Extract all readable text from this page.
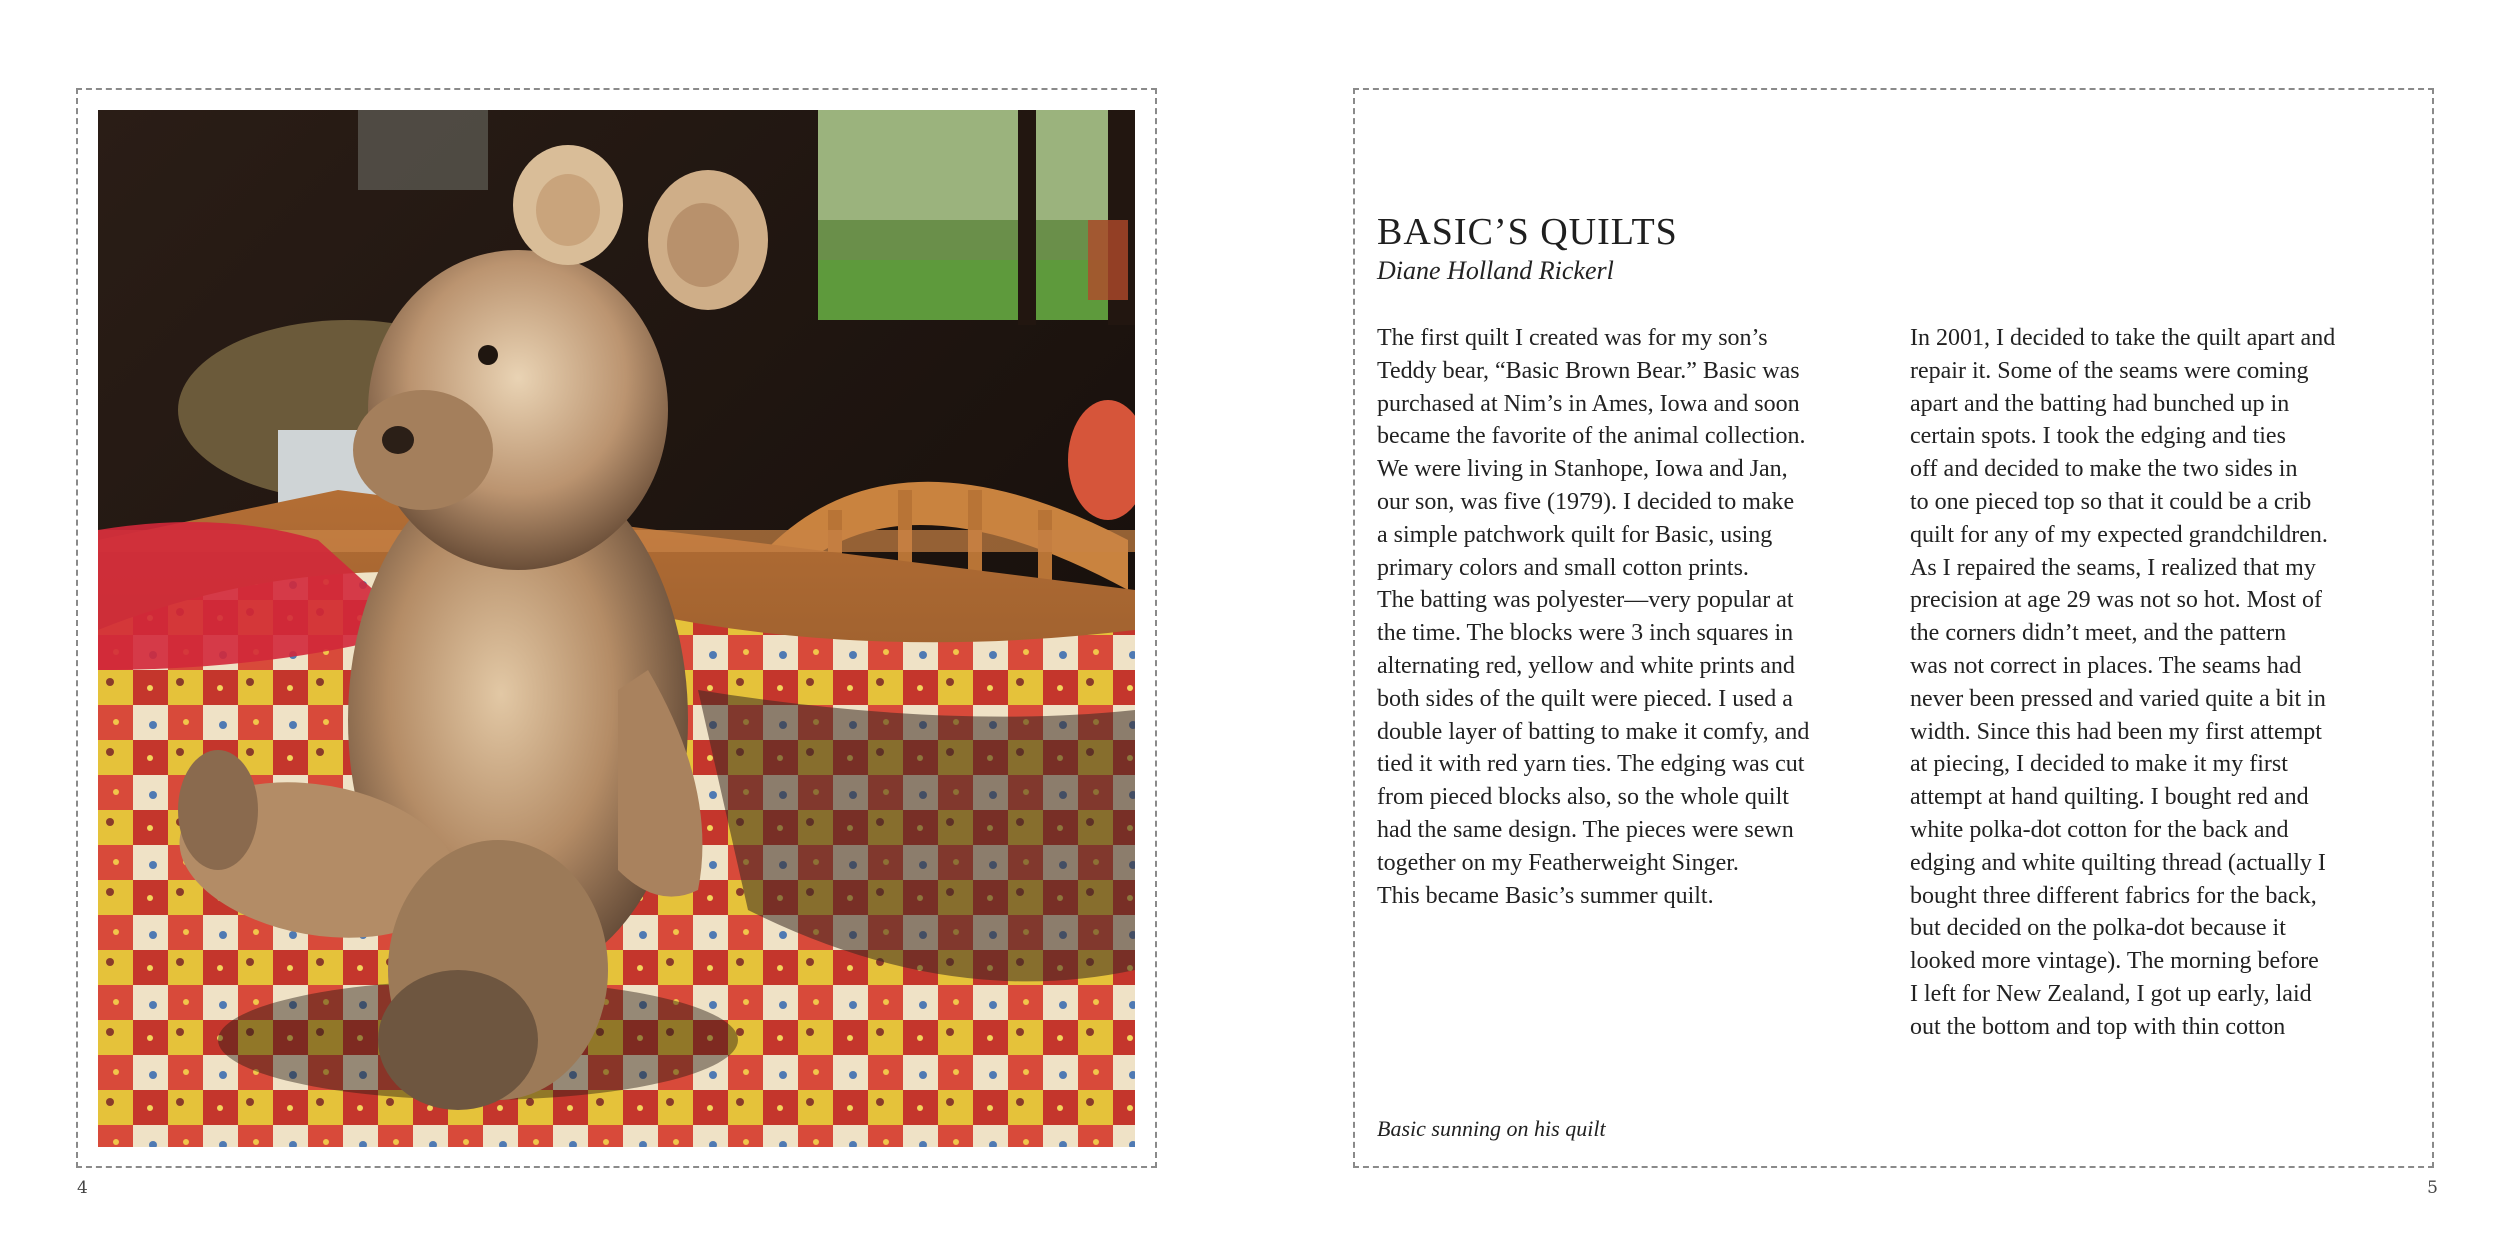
4
BASIC’S QUILTS
Diane Holland Rickerl
The first quilt I created was for my son’s
Teddy bear, “Basic Brown Bear.” Basic was
purchased at Nim’s in Ames, Iowa and soon
became the favorite of the animal collection.
We were living in Stanhope, Iowa and Jan,
our son, was five (1979). I decided to make
a simple patchwork quilt for Basic, using
primary colors and small cotton prints.
The batting was polyester—very popular at
the time. The blocks were 3 inch squares in
alternating red, yellow and white prints and
both sides of the quilt were pieced. I used a
double layer of batting to make it comfy, and
tied it with red yarn ties. The edging was cut
from pieced blocks also, so the whole quilt
had the same design. The pieces were sewn
together on my Featherweight Singer.
This became Basic’s summer quilt.
In 2001, I decided to take the quilt apart and
repair it. Some of the seams were coming
apart and the batting had bunched up in
certain spots. I took the edging and ties
off and decided to make the two sides in
to one pieced top so that it could be a crib
quilt for any of my expected grandchildren.
As I repaired the seams, I realized that my
precision at age 29 was not so hot. Most of
the corners didn’t meet, and the pattern
was not correct in places. The seams had
never been pressed and varied quite a bit in
width. Since this had been my first attempt
at piecing, I decided to make it my first
attempt at hand quilting. I bought red and
white polka-dot cotton for the back and
edging and white quilting thread (actually I
bought three different fabrics for the back,
but decided on the polka-dot because it
looked more vintage). The morning before
I left for New Zealand, I got up early, laid
out the bottom and top with thin cotton
Basic sunning on his quilt
5
